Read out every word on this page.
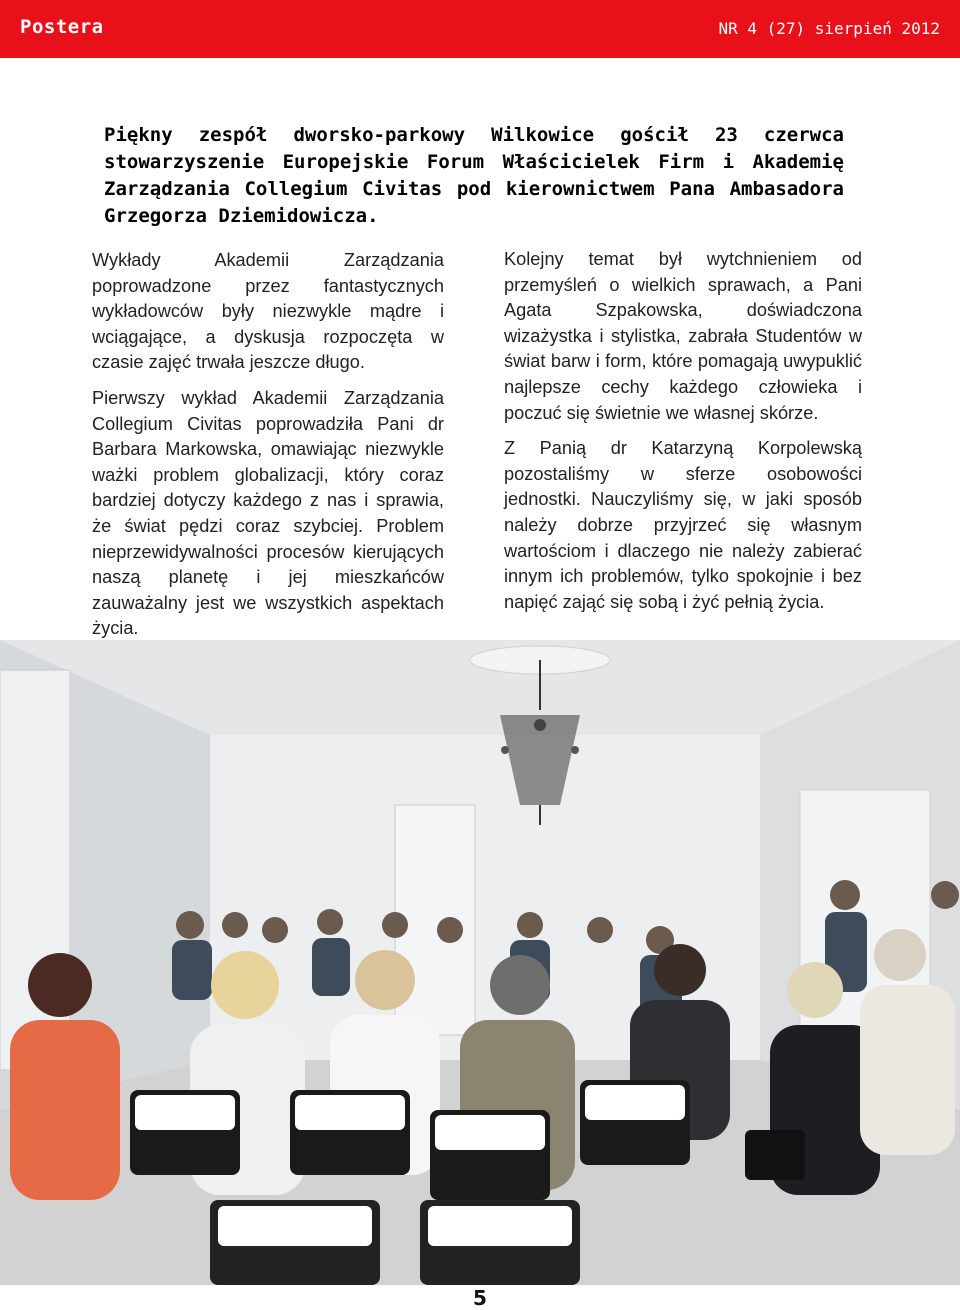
Postera	NR 4 (27) sierpień 2012
Piękny zespół dworsko-parkowy Wilkowice gościł 23 czerwca stowarzyszenie Europejskie Forum Właścicielek Firm i Akademię Zarządzania Collegium Civitas pod kierownictwem Pana Ambasadora Grzegorza Dziemidowicza.

Wykłady Akademii Zarządzania poprowadzone przez fantastycznych wykładowców były niezwykle mądre i wciągające, a dyskusja rozpoczęta w czasie zajęć trwała jeszcze długo.

Pierwszy wykład Akademii Zarządzania Collegium Civitas poprowadziła Pani dr Barbara Markowska, omawiając niezwykle ważki problem globalizacji, który coraz bardziej dotyczy każdego z nas i sprawia, że świat pędzi coraz szybciej. Problem nieprzewidywalności procesów kierujących naszą planetę i jej mieszkańców zauważalny jest we wszystkich aspektach życia.

Kolejny temat był wytchnieniem od przemyśleń o wielkich sprawach, a Pani Agata Szpakowska, doświadczona wizażystka i stylistka, zabrała Studentów w świat barw i form, które pomagają uwypuklić najlepsze cechy każdego człowieka i poczuć się świetnie we własnej skórze.

Z Panią dr Katarzyną Korpolewską pozostaliśmy w sferze osobowości jednostki. Nauczyliśmy się, w jaki sposób należy dobrze przyjrzeć się własnym wartościom i dlaczego nie należy zabierać innym ich problemów, tylko spokojnie i bez napięć zająć się sobą i żyć pełnią życia.

5
